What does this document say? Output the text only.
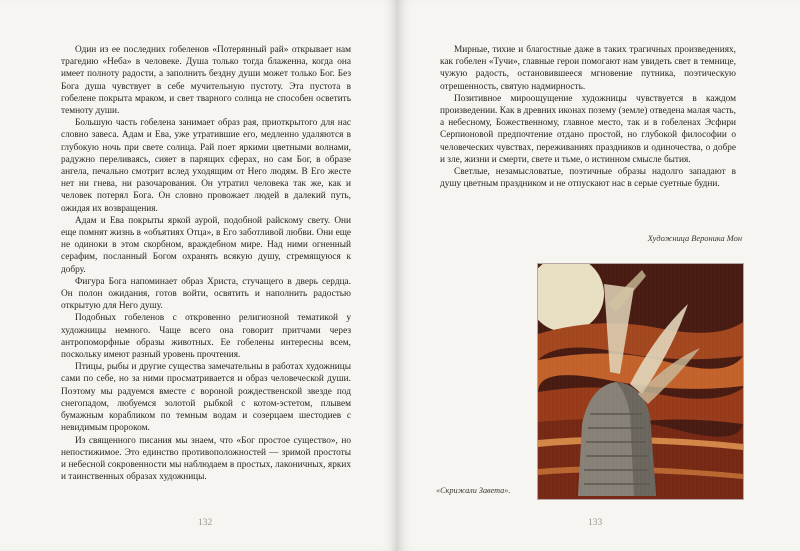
Один из ее последних гобеленов «Потерянный рай» открывает нам трагедию «Неба» в человеке. Душа только тогда блаженна, когда она имеет полноту радости, а заполнить бездну души может только Бог. Без Бога душа чувствует в себе мучительную пустоту. Эта пустота в гобелене покрыта мраком, и свет тварного солнца не способен осветить темноту души.

Большую часть гобелена занимает образ рая, приоткрытого для нас словно завеса. Адам и Ева, уже утратившие его, медленно удаляются в глубокую ночь при свете солнца. Рай поет яркими цветными волнами, радужно переливаясь, сияет в парящих сферах, но сам Бог, в образе ангела, печально смотрит вслед уходящим от Него людям. В Его жесте нет ни гнева, ни разочарования. Он утратил человека так же, как и человек потерял Бога. Он словно провожает людей в далекий путь, ожидая их возвращения.

Адам и Ева покрыты яркой аурой, подобной райскому свету. Они еще помнят жизнь в «объятиях Отца», в Его заботливой любви. Они еще не одиноки в этом скорбном, враждебном мире. Над ними огненный серафим, посланный Богом охранять всякую душу, стремящуюся к добру.

Фигура Бога напоминает образ Христа, стучащего в дверь сердца. Он полон ожидания, готов войти, освятить и наполнить радостью открытую для Него душу.

Подобных гобеленов с откровенно религиозной тематикой у художницы немного. Чаще всего она говорит притчами через антропоморфные образы животных. Ее гобелены интересны всем, поскольку имеют разный уровень прочтения.

Птицы, рыбы и другие существа замечательны в работах художницы сами по себе, но за ними просматривается и образ человеческой души. Поэтому мы радуемся вместе с вороной рождественской звезде под снегопадом, любуемся золотой рыбкой с котом-эстетом, плывем бумажным корабликом по темным водам и созерцаем шестодиев с невидимым пророком.

Из священного писания мы знаем, что «Бог простое существо», но непостижимое. Это единство противоположностей — зримой простоты и небесной сокровенности мы наблюдаем в простых, лаконичных, ярких и таинственных образах художницы.

132

Мирные, тихие и благостные даже в таких трагичных произведениях, как гобелен «Тучи», главные герои помогают нам увидеть свет в темнице, чужую радость, остановившееся мгновение путника, поэтическую отрешенность, святую надмирность.

Позитивное мироощущение художницы чувствуется в каждом произведении. Как в древних иконах позему (земле) отведена малая часть, а небесному, Божественному, главное место, так и в гобеленах Эсфири Серпионовой предпочтение отдано простой, но глубокой философии о человеческих чувствах, переживаниях праздников и одиночества, о добре и зле, жизни и смерти, свете и тьме, о истинном смысле бытия.

Светлые, незамысловатые, поэтичные образы надолго западают в душу цветным праздником и не отпускают нас в серые суетные будни.

Художница Вероника Мон
«Скрижали Завета».
133
